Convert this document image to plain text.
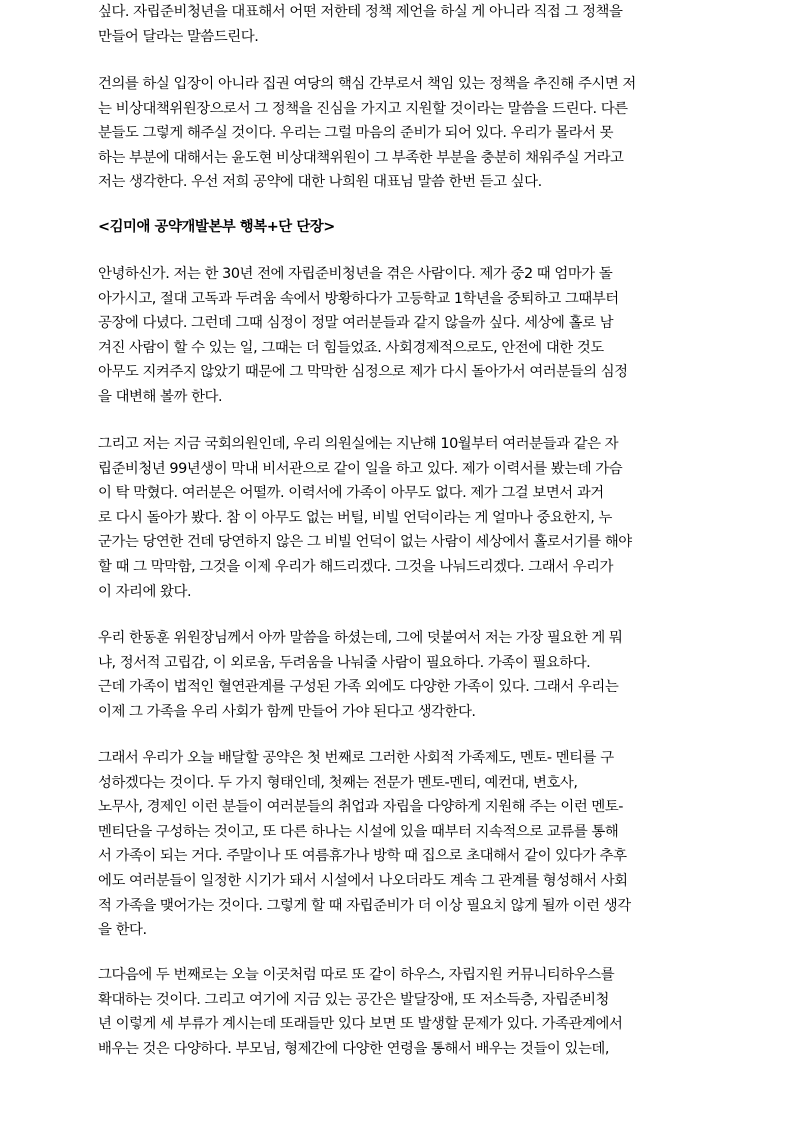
싶다. 자립준비청년을 대표해서 어떤 저한테 정책 제언을 하실 게 아니라 직접 그 정책을
만들어 달라는 말씀드린다.

건의를 하실 입장이 아니라 집권 여당의 핵심 간부로서 책임 있는 정책을 추진해 주시면 저
는 비상대책위원장으로서 그 정책을 진심을 가지고 지원할 것이라는 말씀을 드린다. 다른
분들도 그렇게 해주실 것이다. 우리는 그럴 마음의 준비가 되어 있다. 우리가 몰라서 못
하는 부분에 대해서는 윤도현 비상대책위원이 그 부족한 부분을 충분히 채워주실 거라고
저는 생각한다. 우선 저희 공약에 대한 나희원 대표님 말씀 한번 듣고 싶다.

<김미애 공약개발본부 행복+단 단장>

안녕하신가. 저는 한 30년 전에 자립준비청년을 겪은 사람이다. 제가 중2 때 엄마가 돌
아가시고, 절대 고독과 두려움 속에서 방황하다가 고등학교 1학년을 중퇴하고 그때부터
공장에 다녔다. 그런데 그때 심정이 정말 여러분들과 같지 않을까 싶다. 세상에 홀로 남
겨진 사람이 할 수 있는 일, 그때는 더 힘들었죠. 사회경제적으로도, 안전에 대한 것도
아무도 지켜주지 않았기 때문에 그 막막한 심정으로 제가 다시 돌아가서 여러분들의 심정
을 대변해 볼까 한다.

그리고 저는 지금 국회의원인데, 우리 의원실에는 지난해 10월부터 여러분들과 같은 자
립준비청년 99년생이 막내 비서관으로 같이 일을 하고 있다. 제가 이력서를 봤는데 가슴
이 탁 막혔다. 여러분은 어떨까. 이력서에 가족이 아무도 없다. 제가 그걸 보면서 과거
로 다시 돌아가 봤다. 참 이 아무도 없는 버틸, 비빌 언덕이라는 게 얼마나 중요한지, 누
군가는 당연한 건데 당연하지 않은 그 비빌 언덕이 없는 사람이 세상에서 홀로서기를 해야
할 때 그 막막함, 그것을 이제 우리가 해드리겠다. 그것을 나눠드리겠다. 그래서 우리가
이 자리에 왔다.

우리 한동훈 위원장님께서 아까 말씀을 하셨는데, 그에 덧붙여서 저는 가장 필요한 게 뭐
냐, 정서적 고립감, 이 외로움, 두려움을 나눠줄 사람이 필요하다. 가족이 필요하다.
근데 가족이 법적인 혈연관계를 구성된 가족 외에도 다양한 가족이 있다. 그래서 우리는
이제 그 가족을 우리 사회가 함께 만들어 가야 된다고 생각한다.

그래서 우리가 오늘 배달할 공약은 첫 번째로 그러한 사회적 가족제도, 멘토- 멘티를 구
성하겠다는 것이다. 두 가지 형태인데, 첫째는 전문가 멘토-멘티, 예컨대, 변호사,
노무사, 경제인 이런 분들이 여러분들의 취업과 자립을 다양하게 지원해 주는 이런 멘토-
멘티단을 구성하는 것이고, 또 다른 하나는 시설에 있을 때부터 지속적으로 교류를 통해
서 가족이 되는 거다. 주말이나 또 여름휴가나 방학 때 집으로 초대해서 같이 있다가 추후
에도 여러분들이 일정한 시기가 돼서 시설에서 나오더라도 계속 그 관계를 형성해서 사회
적 가족을 맺어가는 것이다. 그렇게 할 때 자립준비가 더 이상 필요치 않게 될까 이런 생각
을 한다.

그다음에 두 번째로는 오늘 이곳처럼 따로 또 같이 하우스, 자립지원 커뮤니티하우스를
확대하는 것이다. 그리고 여기에 지금 있는 공간은 발달장애, 또 저소득층, 자립준비청
년 이렇게 세 부류가 계시는데 또래들만 있다 보면 또 발생할 문제가 있다. 가족관계에서
배우는 것은 다양하다. 부모님, 형제간에 다양한 연령을 통해서 배우는 것들이 있는데,
